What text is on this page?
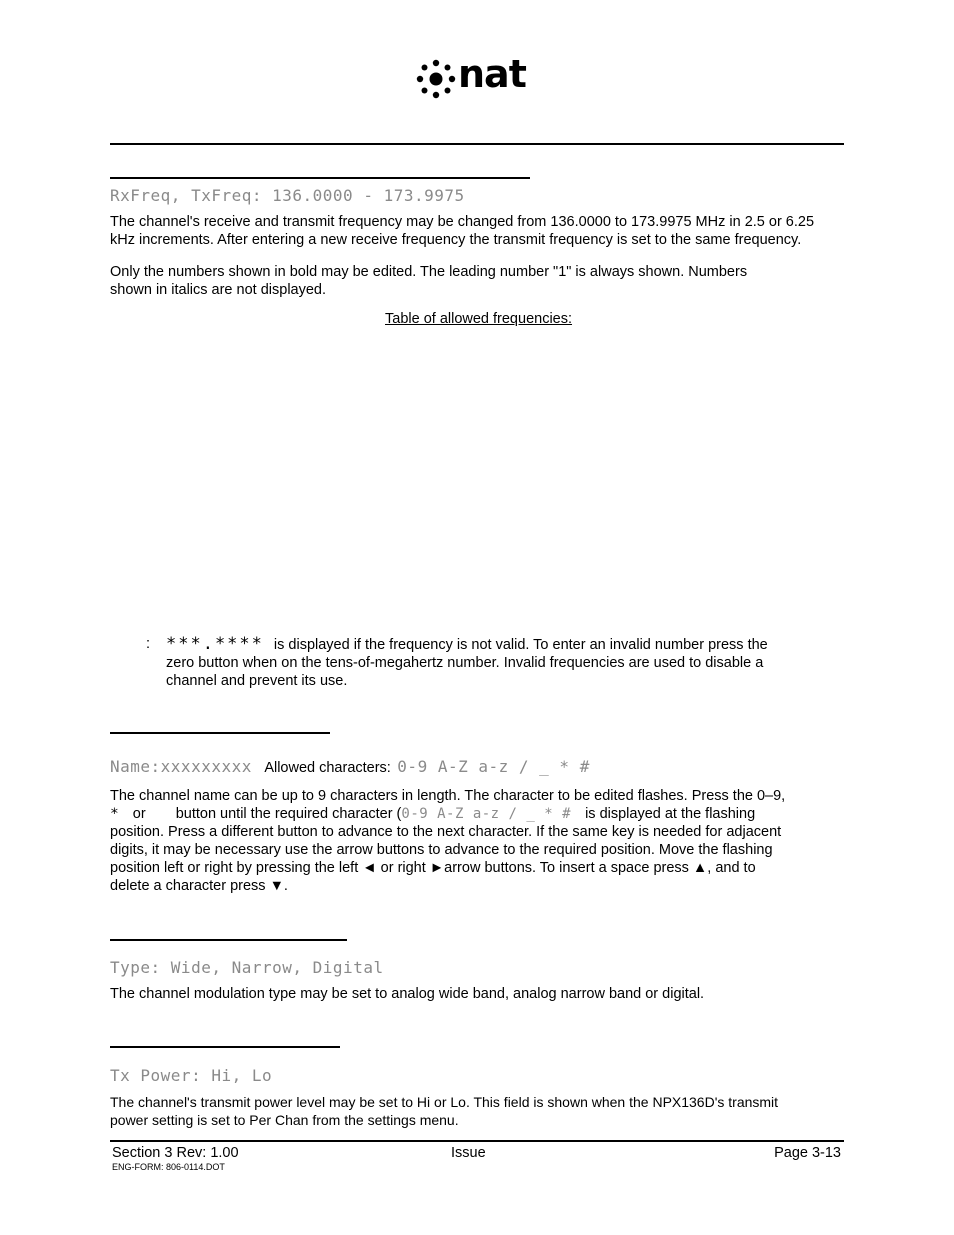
nat
RxFreq, TxFreq: 136.0000 - 173.9975
The channel's receive and transmit frequency may be changed from 136.0000 to 173.9975 MHz in 2.5 or 6.25
kHz increments. After entering a new receive frequency the transmit frequency is set to the same frequency.
Only the numbers shown in bold may be edited. The leading number "1" is always shown. Numbers
shown in italics are not displayed.
Table of allowed frequencies:
: ***.**** is displayed if the frequency is not valid. To enter an invalid number press the
zero button when on the tens-of-megahertz number. Invalid frequencies are used to disable a
channel and prevent its use.
Name:xxxxxxxxx Allowed characters: 0-9 A-Z a-z / _ * #
The channel name can be up to 9 characters in length. The character to be edited flashes. Press the 0–9,
* or button until the required character (0-9 A-Z a-z / _ * # is displayed at the flashing
position. Press a different button to advance to the next character. If the same key is needed for adjacent
digits, it may be necessary use the arrow buttons to advance to the required position. Move the flashing
position left or right by pressing the left ◄ or right ►arrow buttons. To insert a space press ▲, and to
delete a character press ▼.
Type: Wide, Narrow, Digital
The channel modulation type may be set to analog wide band, analog narrow band or digital.
Tx Power: Hi, Lo
The channel's transmit power level may be set to Hi or Lo. This field is shown when the NPX136D's transmit
power setting is set to Per Chan from the settings menu.
Section 3 Rev: 1.00	Issue	Page 3-13
ENG-FORM: 806-0114.DOT
